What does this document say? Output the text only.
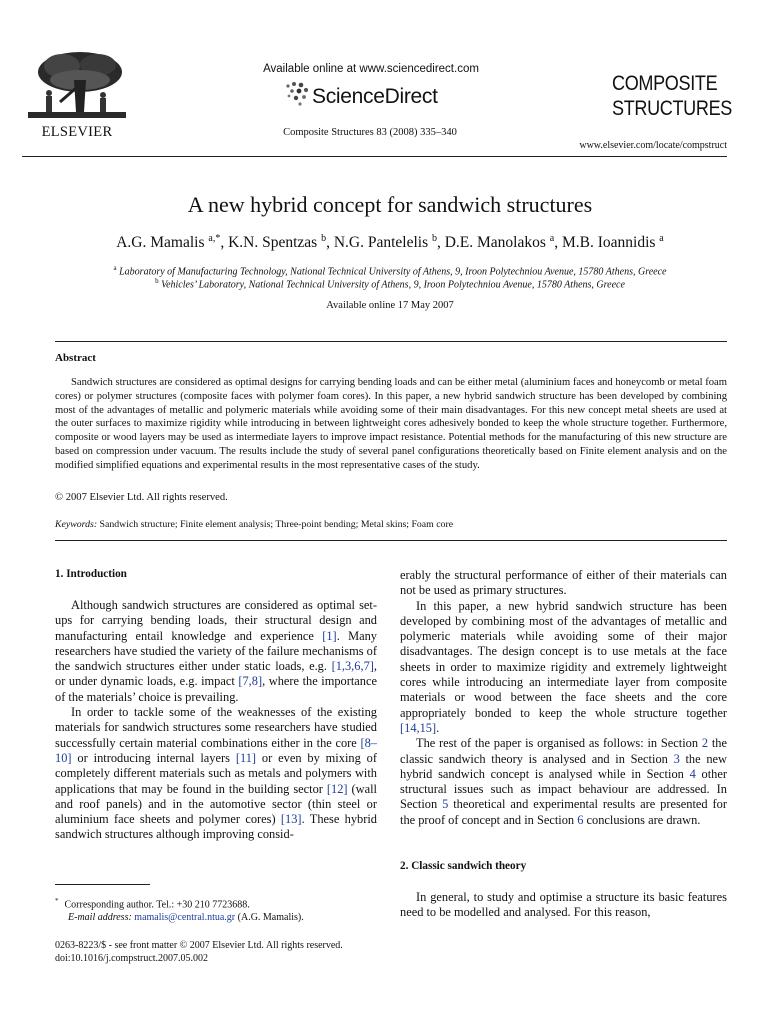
ELSEVIER
Available online at www.sciencedirect.com
ScienceDirect
Composite Structures 83 (2008) 335–340
COMPOSITE
STRUCTURES
www.elsevier.com/locate/compstruct
A new hybrid concept for sandwich structures
A.G. Mamalis $^{a,*}$, K.N. Spentzas $^b$, N.G. Pantelelis $^b$, D.E. Manolakos $^a$, M.B. Ioannidis $^a$
$^a$ Laboratory of Manufacturing Technology, National Technical University of Athens, 9, Iroon Polytechniou Avenue, 15780 Athens, Greece
$^b$ Vehicles’ Laboratory, National Technical University of Athens, 9, Iroon Polytechniou Avenue, 15780 Athens, Greece
Available online 17 May 2007
Abstract

Sandwich structures are considered as optimal designs for carrying bending loads and can be either metal (aluminium faces and honeycomb or metal foam cores) or polymer structures (composite faces with polymer foam cores). In this paper, a new hybrid sandwich structure has been developed by combining most of the advantages of metallic and polymeric materials while avoiding some of their main disadvantages. For this new concept metal sheets are used at the outer surfaces to maximize rigidity while introducing in between lightweight cores adhesively bonded to keep the whole structure together. Furthermore, composite or wood layers may be used as intermediate layers to improve impact resistance. Potential methods for the manufacturing of this new structure are based on compression under vacuum. The results include the study of several panel configurations theoretically based on Finite element analysis and on the modified simplified equations and experimental results in the most representative cases of the study.

© 2007 Elsevier Ltd. All rights reserved.
Keywords: Sandwich structure; Finite element analysis; Three-point bending; Metal skins; Foam core
1. Introduction

Although sandwich structures are considered as optimal set-ups for carrying bending loads, their structural design and manufacturing entail knowledge and experience [1]. Many researchers have studied the variety of the failure mechanisms of the sandwich structures either under static loads, e.g. [1,3,6,7], or under dynamic loads, e.g. impact [7,8], where the importance of the materials’ choice is prevailing.

In order to tackle some of the weaknesses of the existing materials for sandwich structures some researchers have studied successfully certain material combinations either in the core [8–10] or introducing internal layers [11] or even by mixing of completely different materials such as metals and polymers with applications that may be found in the building sector [12] (wall and roof panels) and in the automotive sector (thin steel or aluminium face sheets and polymer cores) [13]. These hybrid sandwich structures although improving consid-

erably the structural performance of either of their materials can not be used as primary structures.

In this paper, a new hybrid sandwich structure has been developed by combining most of the advantages of metallic and polymeric materials while avoiding some of their major disadvantages. The design concept is to use metals at the face sheets in order to maximize rigidity and extremely lightweight cores while introducing an intermediate layer from composite materials or wood between the face sheets and the core appropriately bonded to keep the whole structure together [14,15].

The rest of the paper is organised as follows: in Section 2 the classic sandwich theory is analysed and in Section 3 the new hybrid sandwich concept is analysed while in Section 4 other structural issues such as impact behaviour are addressed. In Section 5 theoretical and experimental results are presented for the proof of concept and in Section 6 conclusions are drawn.

2. Classic sandwich theory

In general, to study and optimise a structure its basic features need to be modelled and analysed. For this reason,

* Corresponding author. Tel.: +30 210 7723688.
E-mail address: mamalis@central.ntua.gr (A.G. Mamalis).
0263-8223/$ - see front matter © 2007 Elsevier Ltd. All rights reserved.
doi:10.1016/j.compstruct.2007.05.002
